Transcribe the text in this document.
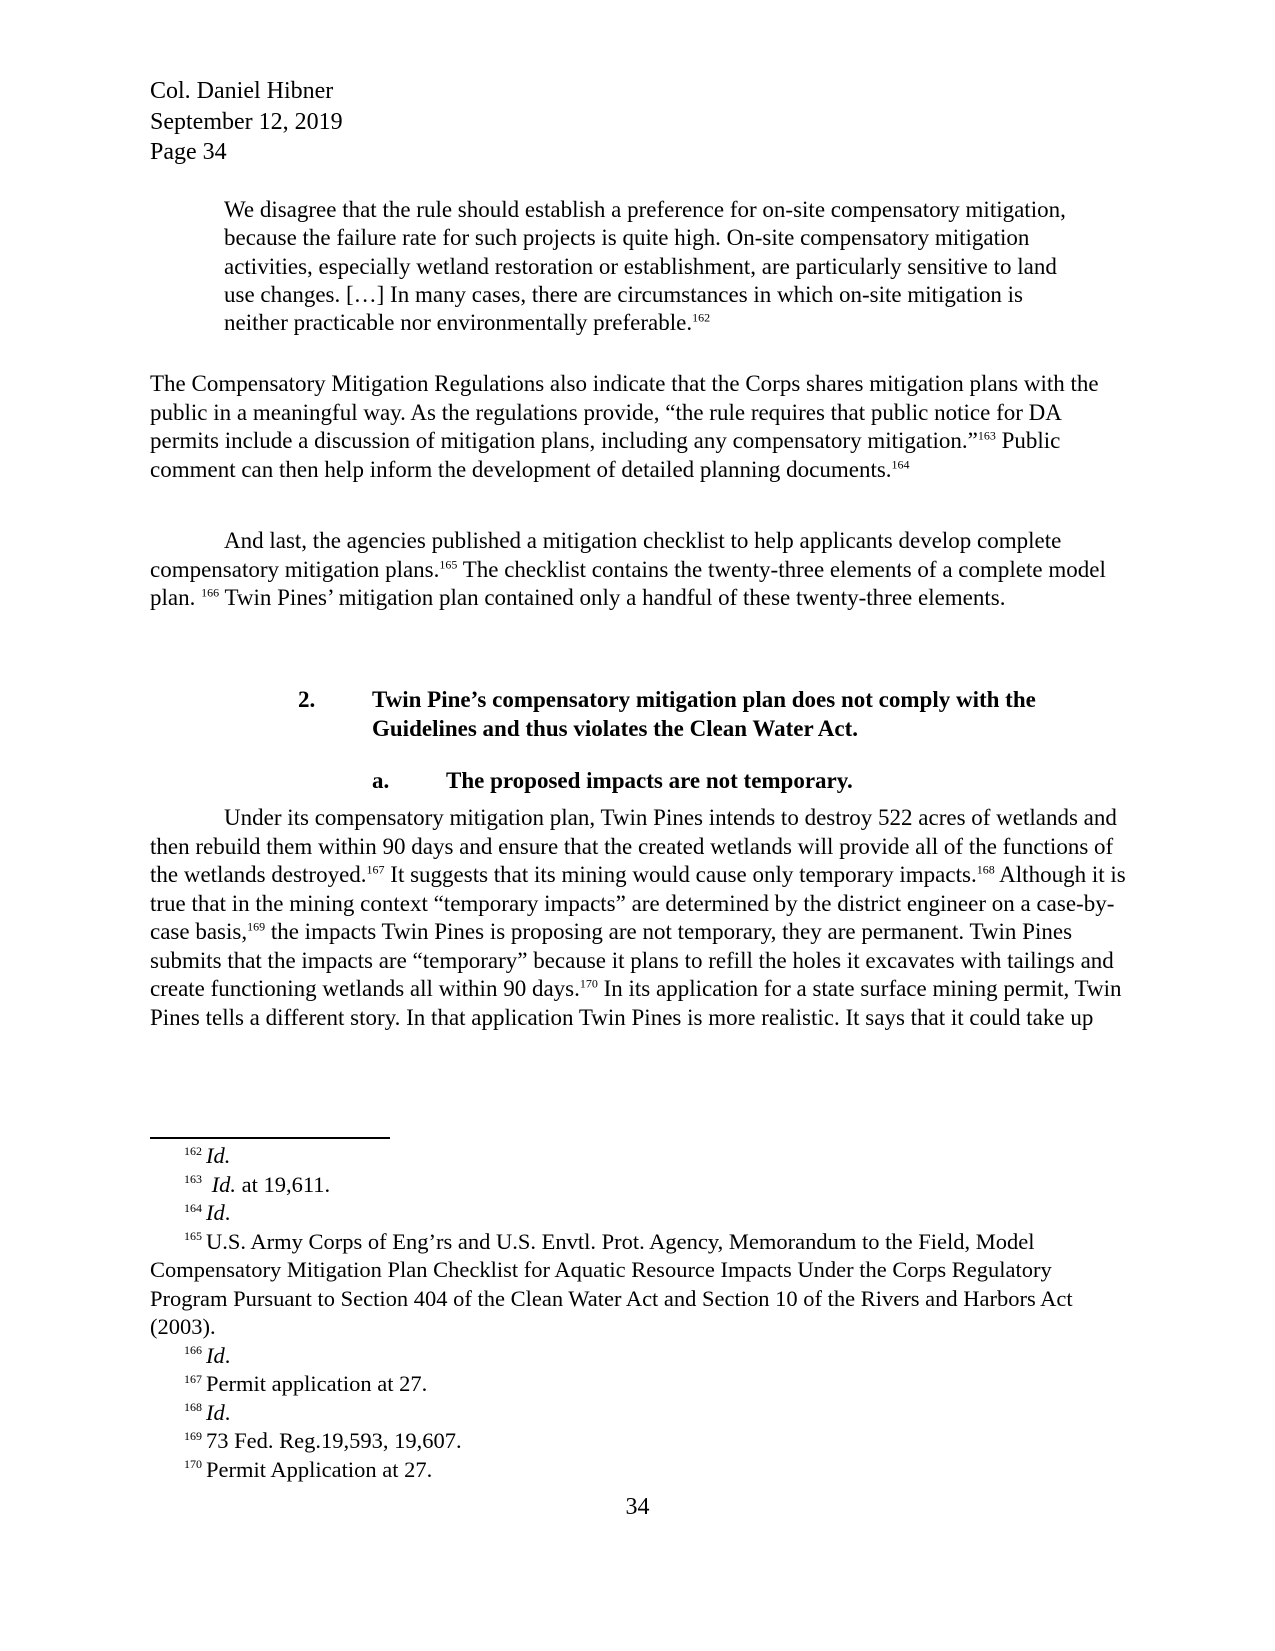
Col. Daniel Hibner
September 12, 2019
Page 34
We disagree that the rule should establish a preference for on-site compensatory mitigation, because the failure rate for such projects is quite high. On-site compensatory mitigation activities, especially wetland restoration or establishment, are particularly sensitive to land use changes. […] In many cases, there are circumstances in which on-site mitigation is neither practicable nor environmentally preferable.$^{162}$
The Compensatory Mitigation Regulations also indicate that the Corps shares mitigation plans with the public in a meaningful way. As the regulations provide, “the rule requires that public notice for DA permits include a discussion of mitigation plans, including any compensatory mitigation.”$^{163}$ Public comment can then help inform the development of detailed planning documents.$^{164}$
And last, the agencies published a mitigation checklist to help applicants develop complete compensatory mitigation plans.$^{165}$ The checklist contains the twenty-three elements of a complete model plan. $^{166}$ Twin Pines’ mitigation plan contained only a handful of these twenty-three elements.
2. Twin Pine’s compensatory mitigation plan does not comply with the Guidelines and thus violates the Clean Water Act.
a. The proposed impacts are not temporary.
Under its compensatory mitigation plan, Twin Pines intends to destroy 522 acres of wetlands and then rebuild them within 90 days and ensure that the created wetlands will provide all of the functions of the wetlands destroyed.$^{167}$ It suggests that its mining would cause only temporary impacts.$^{168}$ Although it is true that in the mining context “temporary impacts” are determined by the district engineer on a case-by-case basis,$^{169}$ the impacts Twin Pines is proposing are not temporary, they are permanent. Twin Pines submits that the impacts are “temporary” because it plans to refill the holes it excavates with tailings and create functioning wetlands all within 90 days.$^{170}$ In its application for a state surface mining permit, Twin Pines tells a different story. In that application Twin Pines is more realistic. It says that it could take up
$^{162}$ Id.
$^{163}$ Id. at 19,611.
$^{164}$ Id.
$^{165}$ U.S. Army Corps of Eng’rs and U.S. Envtl. Prot. Agency, Memorandum to the Field, Model Compensatory Mitigation Plan Checklist for Aquatic Resource Impacts Under the Corps Regulatory Program Pursuant to Section 404 of the Clean Water Act and Section 10 of the Rivers and Harbors Act (2003).
$^{166}$ Id.
$^{167}$ Permit application at 27.
$^{168}$ Id.
$^{169}$ 73 Fed. Reg.19,593, 19,607.
$^{170}$ Permit Application at 27.
34
